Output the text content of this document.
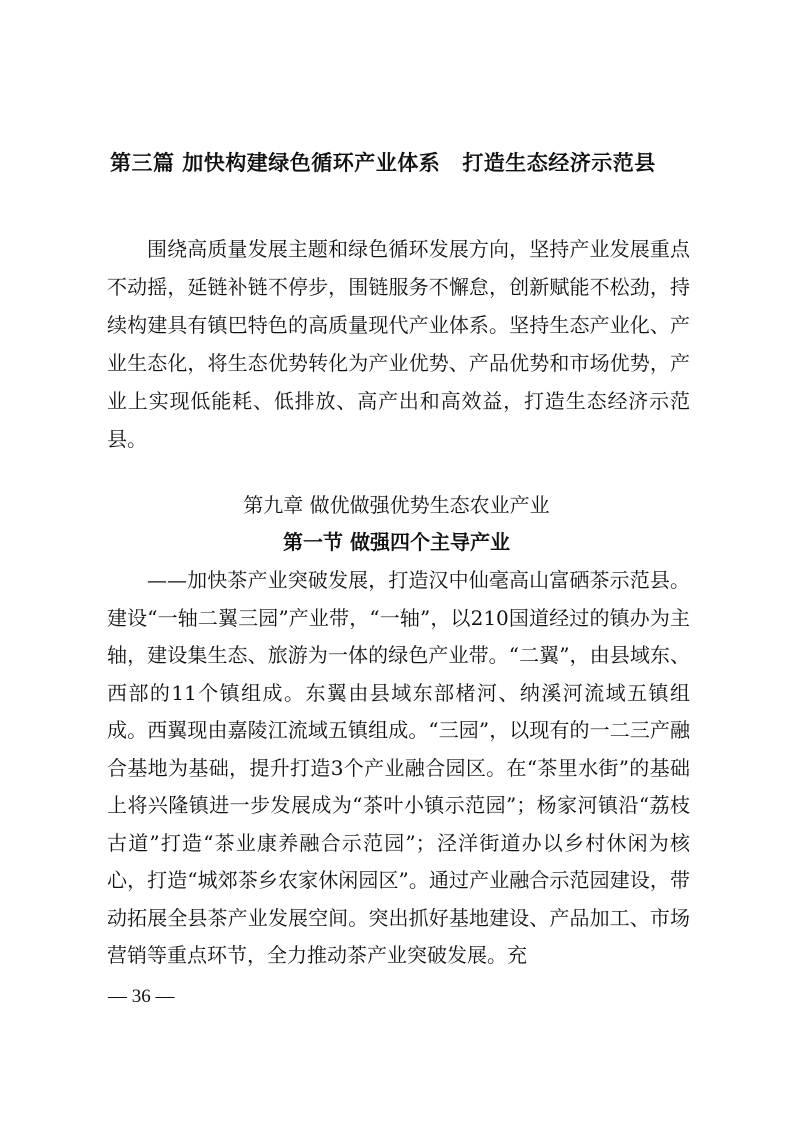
第三篇 加快构建绿色循环产业体系 打造生态经济示范县

围绕高质量发展主题和绿色循环发展方向，坚持产业发展重点不动摇，延链补链不停步，围链服务不懈怠，创新赋能不松劲，持续构建具有镇巴特色的高质量现代产业体系。坚持生态产业化、产业生态化，将生态优势转化为产业优势、产品优势和市场优势，产业上实现低能耗、低排放、高产出和高效益，打造生态经济示范县。

第九章 做优做强优势生态农业产业
第一节 做强四个主导产业

——加快茶产业突破发展，打造汉中仙毫高山富硒茶示范县。建设“一轴二翼三园”产业带，“一轴”，以210国道经过的镇办为主轴，建设集生态、旅游为一体的绿色产业带。“二翼”，由县域东、西部的11个镇组成。东翼由县域东部楮河、纳溪河流域五镇组成。西翼现由嘉陵江流域五镇组成。“三园”，以现有的一二三产融合基地为基础，提升打造3个产业融合园区。在“茶里水街”的基础上将兴隆镇进一步发展成为“茶叶小镇示范园”；杨家河镇沿“荔枝古道”打造“茶业康养融合示范园”；泾洋街道办以乡村休闲为核心，打造“城郊茶乡农家休闲园区”。通过产业融合示范园建设，带动拓展全县茶产业发展空间。突出抓好基地建设、产品加工、市场营销等重点环节，全力推动茶产业突破发展。充

— 36 —
